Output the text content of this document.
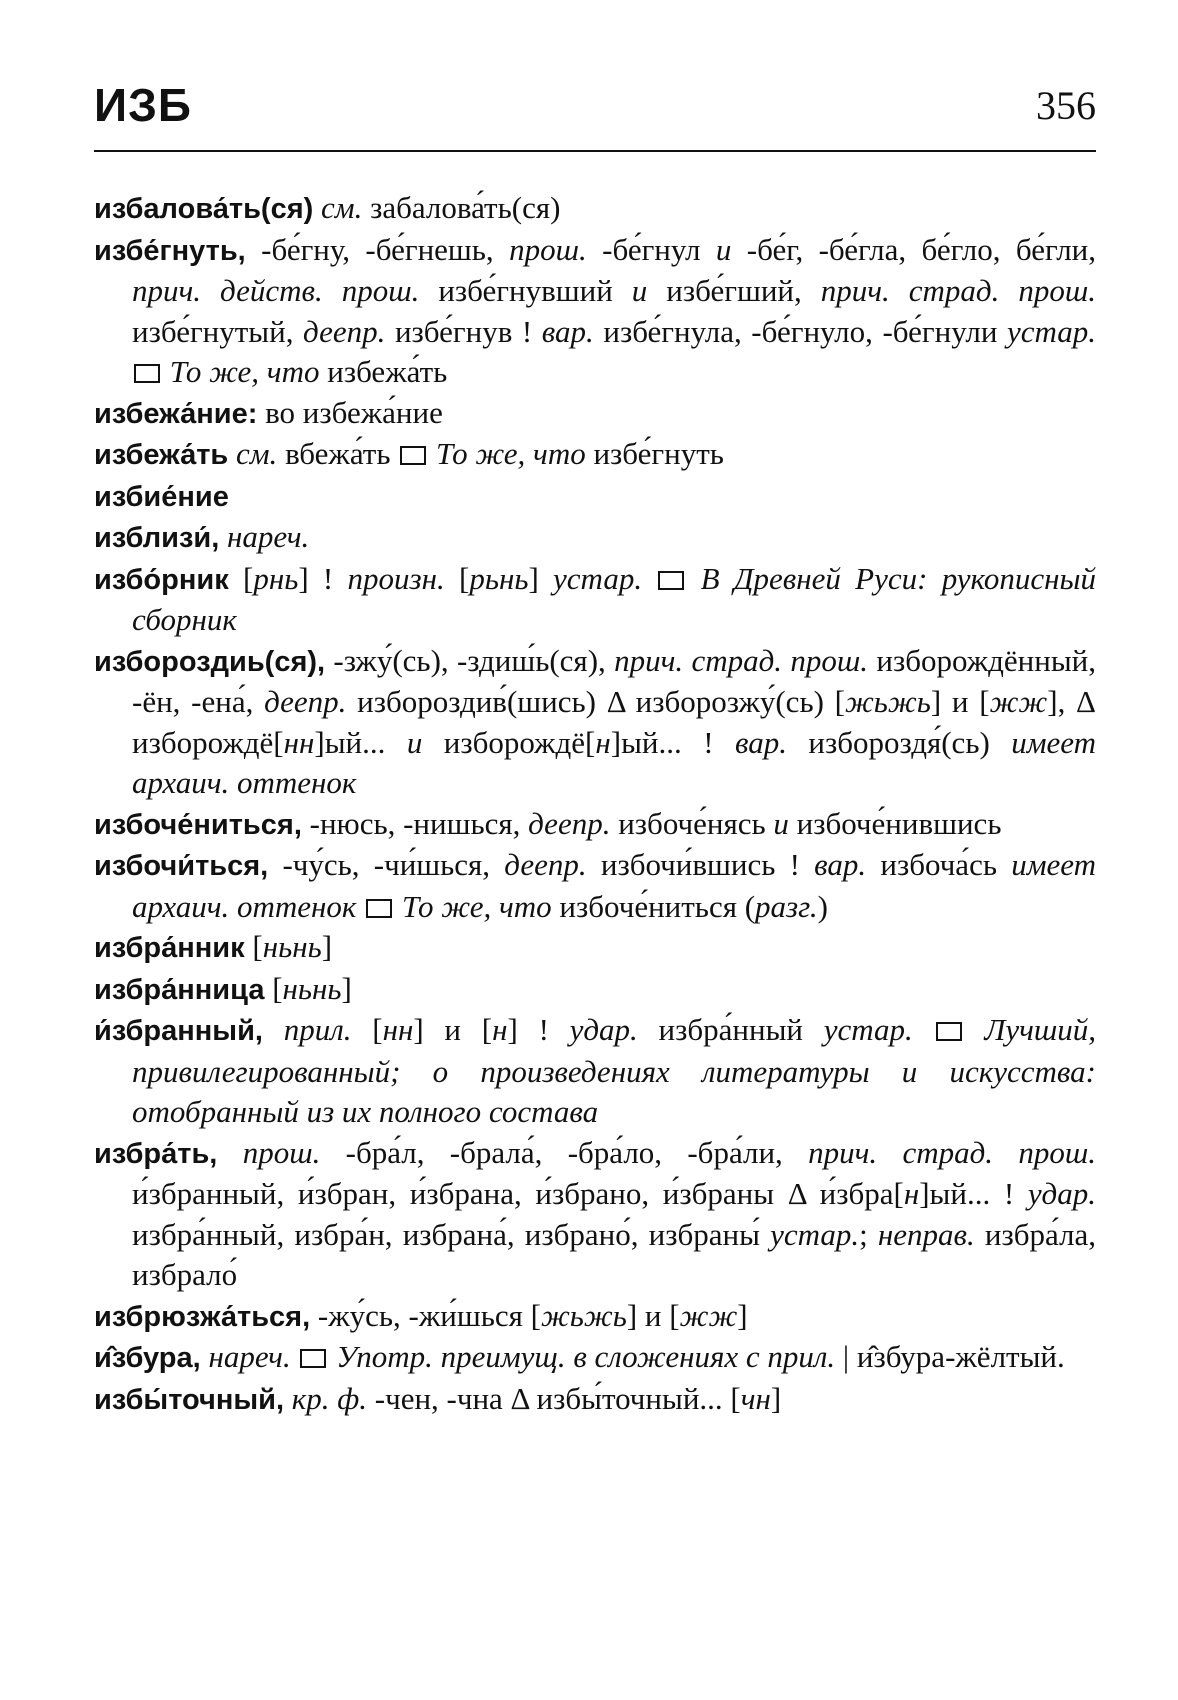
ИЗБ	356
избалова́ть(ся) см. забалова́ть(ся)
избе́гнуть, -бе́гну, -бе́гнешь, прош. -бе́гнул и -бе́г, -бе́гла, бе́гло, бе́гли, прич. действ. прош. избе́гнувший и избе́гший, прич. страд. прош. избе́гнутый, деепр. избе́гнув ! вар. избе́гнула, -бе́гнуло, -бе́гнули устар.  То же, что избежа́ть
избежа́ние: во избежа́ние
избежа́ть см. вбежа́ть  То же, что избе́гнуть
избие́ние
изблизи́, нареч.
избо́рник [рнь] ! произн. [рьнь] устар. В Древней Руси: рукописный сборник
избороздиь(ся), -зжу́(сь), -здиш́ь(ся), прич. страд. прош. изборождённый, -ён, -ена́, деепр. избороздив́(шись) Δ изборозжу́(сь) [жьжь] и [жж], Δ изборождё[нн]ый... и изборождё[н]ый... ! вар. избороздя́(сь) имеет архаич. оттенок
избоче́ниться, -нюсь, -нишься, деепр. избоче́нясь и избоче́нившись
избочи́ться, -чу́сь, -чи́шься, деепр. избочи́вшись ! вар. избоча́сь имеет архаич. оттенок То же, что избоче́ниться (разг.)
избра́нник [ньнь]
избра́нница [ньнь]
и́збранный, прил. [нн] и [н] ! удар. избра́нный устар. Лучший, привилегированный; о произведениях литературы и искусства: отобранный из их полного состава
избра́ть, прош. -бра́л, -брала́, -бра́ло, -бра́ли, прич. страд. прош. и́збранный, и́збран, и́збрана, и́збрано, и́збраны Δ и́збра[н]ый... ! удар. избра́нный, избра́н, избрана́, избрано́, избраны́ устар.; неправ. избра́ла, избрало́
избрюзжа́ться, -жу́сь, -жи́шься [жьжь] и [жж]
и̂збура, нареч. Употр. преимущ. в сложениях с прил. | и̂збура-жёлтый.
избы́точный, кр. ф. -чен, -чна Δ избы́точный... [чн]
